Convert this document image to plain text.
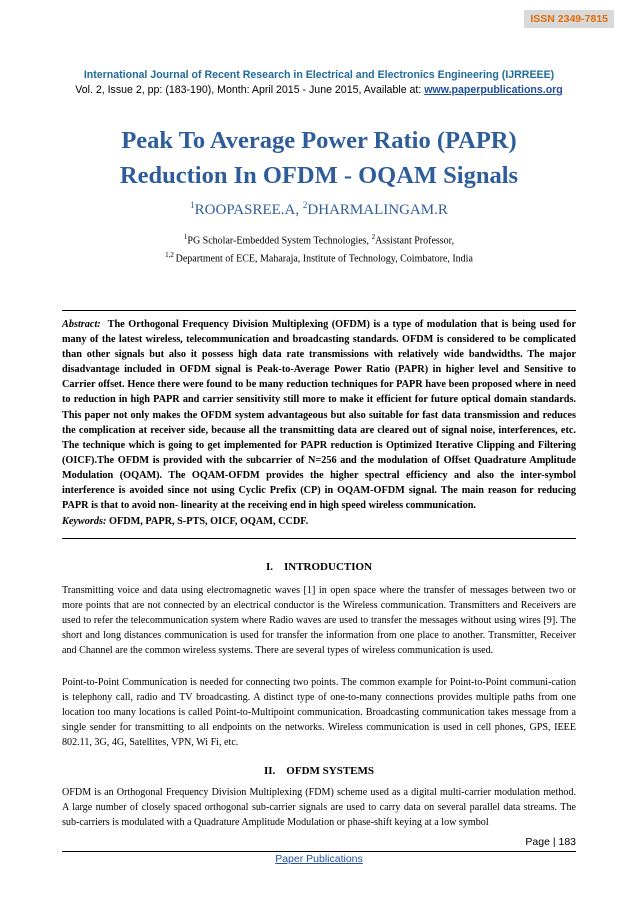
ISSN 2349-7815
International Journal of Recent Research in Electrical and Electronics Engineering (IJRREEE)
Vol. 2, Issue 2, pp: (183-190), Month: April 2015 - June 2015, Available at: www.paperpublications.org
Peak To Average Power Ratio (PAPR)
Reduction In OFDM - OQAM Signals
$^1$ROOPASREE.A, $^2$DHARMALINGAM.R
$^1$PG Scholar-Embedded System Technologies, $^2$Assistant Professor,
$^{1,2}$ Department of ECE, Maharaja, Institute of Technology, Coimbatore, India
Abstract: The Orthogonal Frequency Division Multiplexing (OFDM) is a type of modulation that is being used for many of the latest wireless, telecommunication and broadcasting standards. OFDM is considered to be complicated than other signals but also it possess high data rate transmissions with relatively wide bandwidths. The major disadvantage included in OFDM signal is Peak-to-Average Power Ratio (PAPR) in higher level and Sensitive to Carrier offset. Hence there were found to be many reduction techniques for PAPR have been proposed where in need to reduction in high PAPR and carrier sensitivity still more to make it efficient for future optical domain standards. This paper not only makes the OFDM system advantageous but also suitable for fast data transmission and reduces the complication at receiver side, because all the transmitting data are cleared out of signal noise, interferences, etc. The technique which is going to get implemented for PAPR reduction is Optimized Iterative Clipping and Filtering (OICF).The OFDM is provided with the subcarrier of N=256 and the modulation of Offset Quadrature Amplitude Modulation (OQAM). The OQAM-OFDM provides the higher spectral efficiency and also the inter-symbol interference is avoided since not using Cyclic Prefix (CP) in OQAM-OFDM signal. The main reason for reducing PAPR is that to avoid non- linearity at the receiving end in high speed wireless communication.
Keywords: OFDM, PAPR, S-PTS, OICF, OQAM, CCDF.
I.    INTRODUCTION
Transmitting voice and data using electromagnetic waves [1] in open space where the transfer of messages between two or more points that are not connected by an electrical conductor is the Wireless communication. Transmitters and Receivers are used to refer the telecommunication system where Radio waves are used to transfer the messages without using wires [9]. The short and long distances communication is used for transfer the information from one place to another. Transmitter, Receiver and Channel are the common wireless systems. There are several types of wireless communication is used.
Point-to-Point Communication is needed for connecting two points. The common example for Point-to-Point communi-cation is telephony call, radio and TV broadcasting. A distinct type of one-to-many connections provides multiple paths from one location too many locations is called Point-to-Multipoint communication. Broadcasting communication takes message from a single sender for transmitting to all endpoints on the networks. Wireless communication is used in cell phones, GPS, IEEE 802.11, 3G, 4G, Satellites, VPN, Wi Fi, etc.
II.    OFDM SYSTEMS
OFDM is an Orthogonal Frequency Division Multiplexing (FDM) scheme used as a digital multi-carrier modulation method. A large number of closely spaced orthogonal sub-carrier signals are used to carry data on several parallel data streams. The sub-carriers is modulated with a Quadrature Amplitude Modulation or phase-shift keying at a low symbol
Page | 183
Paper Publications
